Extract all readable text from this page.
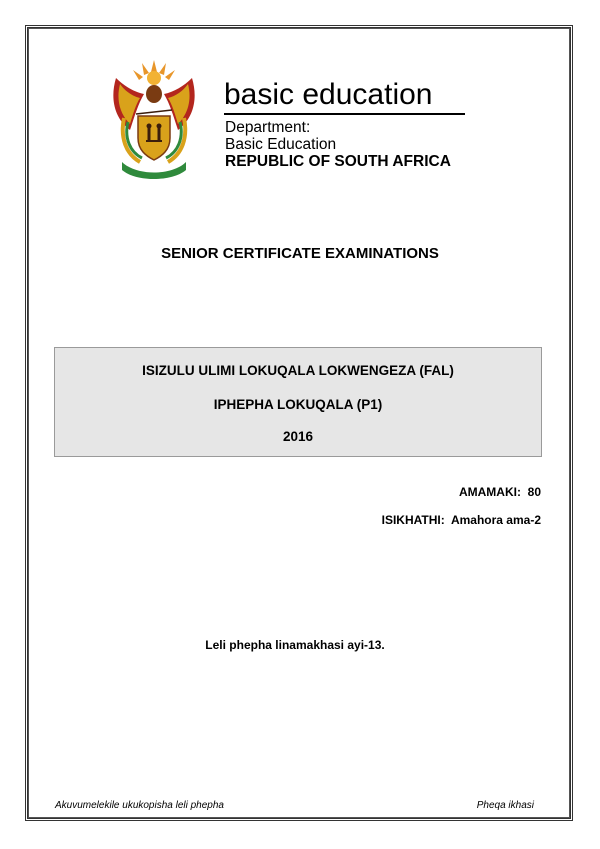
basic education
Department:
Basic Education
REPUBLIC OF SOUTH AFRICA
SENIOR CERTIFICATE EXAMINATIONS
ISIZULU ULIMI LOKUQALA LOKWENGEZA (FAL)
IPHEPHA LOKUQALA (P1)
2016
AMAMAKI: 80
ISIKHATHI: Amahora ama-2
Leli phepha linamakhasi ayi-13.
Akuvumelekile ukukopisha leli phepha	Pheqa ikhasi
